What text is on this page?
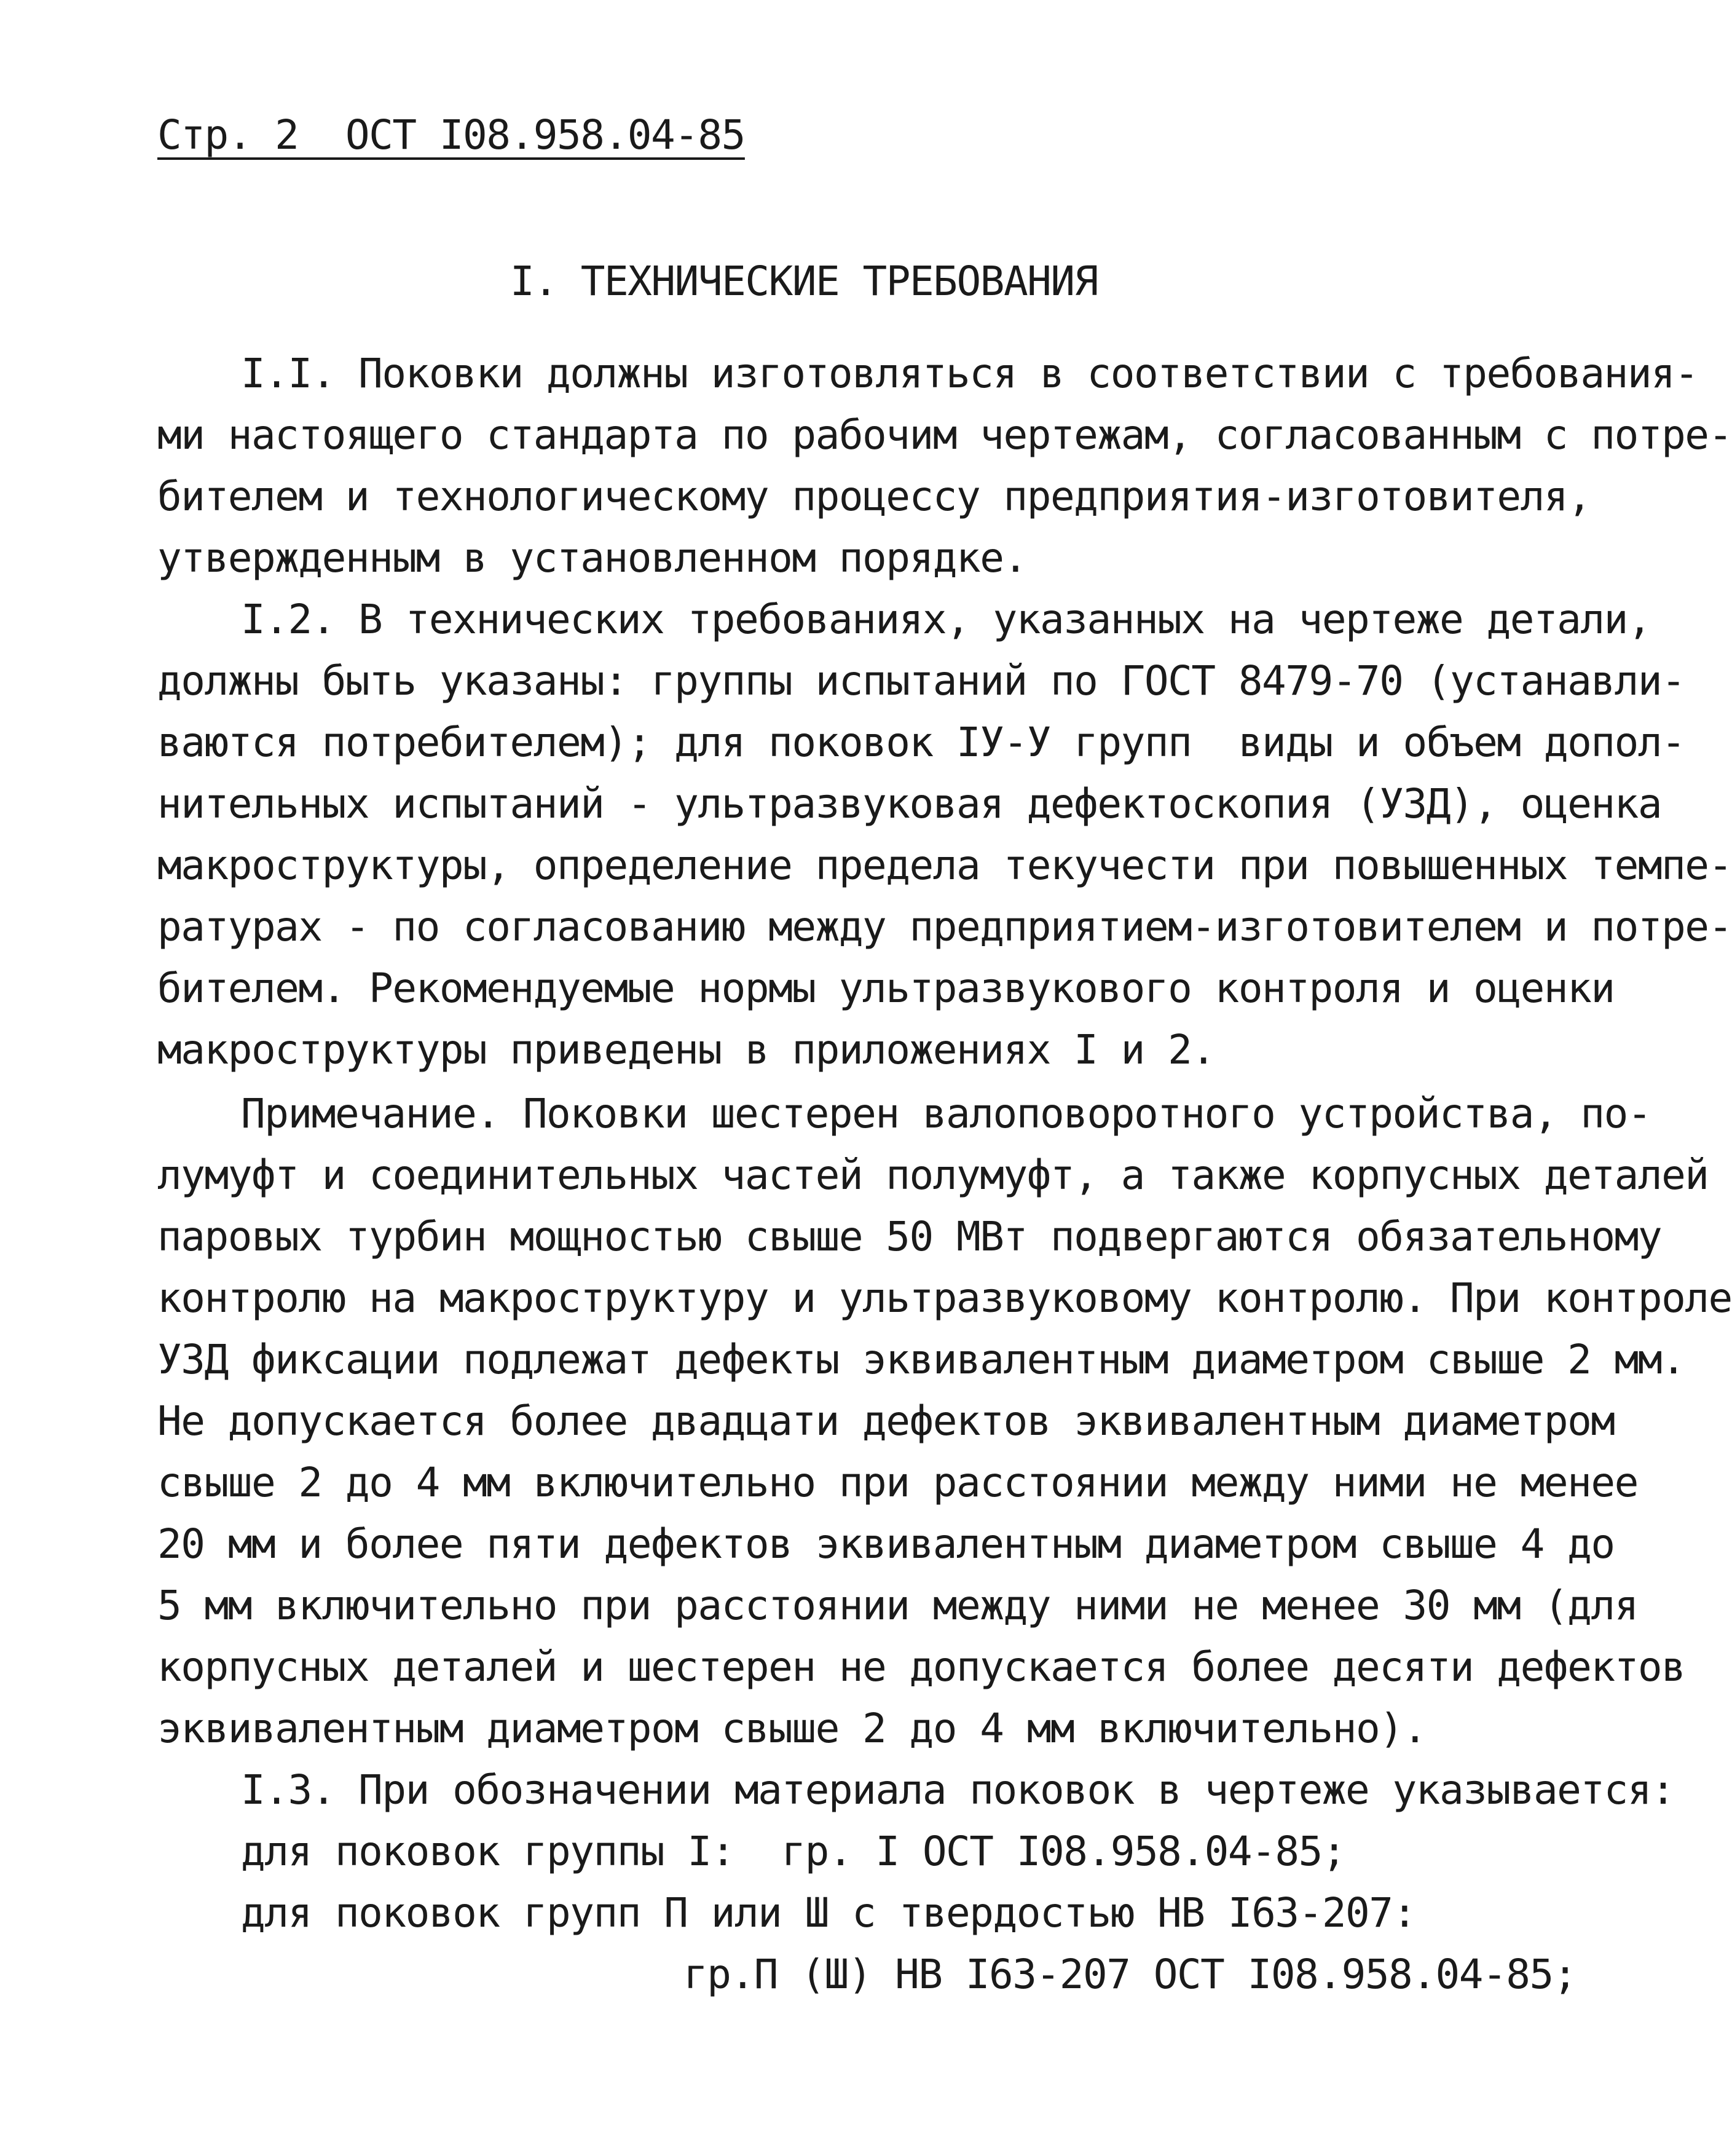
Стр. 2  ОСТ I08.958.04-85
I. ТЕХНИЧЕСКИЕ ТРЕБОВАНИЯ
I.I. Поковки должны изготовляться в соответствии с требования-
ми настоящего стандарта по рабочим чертежам, согласованным с потре-
бителем и технологическому процессу предприятия-изготовителя,
утвержденным в установленном порядке.
I.2. В технических требованиях, указанных на чертеже детали,
должны быть указаны: группы испытаний по ГОСТ 8479-70 (устанавли-
ваются потребителем); для поковок IУ-У групп  виды и объем допол-
нительных испытаний - ультразвуковая дефектоскопия (УЗД), оценка
макроструктуры, определение предела текучести при повышенных темпе-
ратурах - по согласованию между предприятием-изготовителем и потре-
бителем. Рекомендуемые нормы ультразвукового контроля и оценки
макроструктуры приведены в приложениях I и 2.
Примечание. Поковки шестерен валоповоротного устройства, по-
лумуфт и соединительных частей полумуфт, а также корпусных деталей
паровых турбин мощностью свыше 50 МВт подвергаются обязательному
контролю на макроструктуру и ультразвуковому контролю. При контроле
УЗД фиксации подлежат дефекты эквивалентным диаметром свыше 2 мм.
Не допускается более двадцати дефектов эквивалентным диаметром
свыше 2 до 4 мм включительно при расстоянии между ними не менее
20 мм и более пяти дефектов эквивалентным диаметром свыше 4 до
5 мм включительно при расстоянии между ними не менее 30 мм (для
корпусных деталей и шестерен не допускается более десяти дефектов
эквивалентным диаметром свыше 2 до 4 мм включительно).
I.3. При обозначении материала поковок в чертеже указывается:
для поковок группы I:  гр. I ОСТ I08.958.04-85;
для поковок групп П или Ш с твердостью НВ I63-207:
гр.П (Ш) НВ I63-207 ОСТ I08.958.04-85;
